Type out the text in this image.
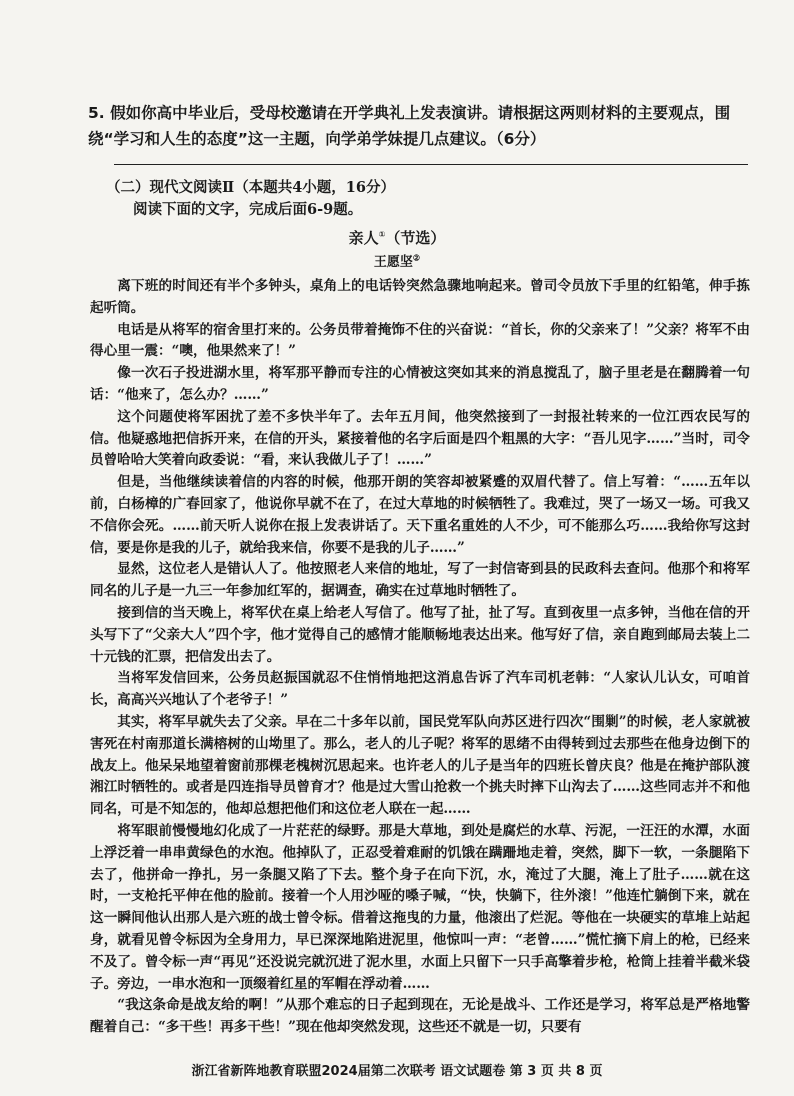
5. 假如你高中毕业后，受母校邀请在开学典礼上发表演讲。请根据这两则材料的主要观点，围绕“学习和人生的态度”这一主题，向学弟学妹提几点建议。（6分）
（二）现代文阅读Ⅱ（本题共4小题，16分）
阅读下面的文字，完成后面6-9题。
亲人①（节选）
王愿坚②

离下班的时间还有半个多钟头，桌角上的电话铃突然急骤地响起来。曾司令员放下手里的红铅笔，伸手拣起听筒。

电话是从将军的宿舍里打来的。公务员带着掩饰不住的兴奋说：“首长，你的父亲来了！”父亲？将军不由得心里一震：“噢，他果然来了！”

像一次石子投进湖水里，将军那平静而专注的心情被这突如其来的消息搅乱了，脑子里老是在翻腾着一句话：“他来了，怎么办？……”

这个问题使将军困扰了差不多快半年了。去年五月间，他突然接到了一封报社转来的一位江西农民写的信。他疑惑地把信拆开来，在信的开头，紧接着他的名字后面是四个粗黑的大字：“吾儿见字……”当时，司令员曾哈哈大笑着向政委说：“看，来认我做儿子了！……”

但是，当他继续读着信的内容的时候，他那开朗的笑容却被紧蹙的双眉代替了。信上写着：“……五年以前，白杨樟的广春回家了，他说你早就不在了，在过大草地的时候牺牲了。我难过，哭了一场又一场。可我又不信你会死。……前天听人说你在报上发表讲话了。天下重名重姓的人不少，可不能那么巧……我给你写这封信，要是你是我的儿子，就给我来信，你要不是我的儿子……”

显然，这位老人是错认人了。他按照老人来信的地址，写了一封信寄到县的民政科去查问。他那个和将军同名的儿子是一九三一年参加红军的，据调查，确实在过草地时牺牲了。

接到信的当天晚上，将军伏在桌上给老人写信了。他写了扯，扯了写。直到夜里一点多钟，当他在信的开头写下了“父亲大人”四个字，他才觉得自己的感情才能顺畅地表达出来。他写好了信，亲自跑到邮局去装上二十元钱的汇票，把信发出去了。

当将军发信回来，公务员赵振国就忍不住悄悄地把这消息告诉了汽车司机老韩：“人家认儿认女，可咱首长，高高兴兴地认了个老爷子！”

其实，将军早就失去了父亲。早在二十多年以前，国民党军队向苏区进行四次“围剿”的时候，老人家就被害死在村南那道长满榕树的山坳里了。那么，老人的儿子呢？将军的思绪不由得转到过去那些在他身边倒下的战友上。他呆呆地望着窗前那棵老槐树沉思起来。也许老人的儿子是当年的四班长曾庆良？他是在掩护部队渡湘江时牺牲的。或者是四连指导员曾育才？他是过大雪山抢救一个挑夫时摔下山沟去了……这些同志并不和他同名，可是不知怎的，他却总想把他们和这位老人联在一起……

将军眼前慢慢地幻化成了一片茫茫的绿野。那是大草地，到处是腐烂的水草、污泥，一汪汪的水潭，水面上浮泛着一串串黄绿色的水泡。他掉队了，正忍受着难耐的饥饿在蹒跚地走着，突然，脚下一软，一条腿陷下去了，他拼命一挣扎，另一条腿又陷了下去。整个身子在向下沉，水，淹过了大腿，淹上了肚子……就在这时，一支枪托平伸在他的脸前。接着一个人用沙哑的嗓子喊，“快，快躺下，往外滚！”他连忙躺倒下来，就在这一瞬间他认出那人是六班的战士曾令标。借着这拖曳的力量，他滚出了烂泥。等他在一块硬实的草堆上站起身，就看见曾令标因为全身用力，早已深深地陷进泥里，他惊叫一声：“老曾……”慌忙摘下肩上的枪，已经来不及了。曾令标一声“再见”还没说完就沉进了泥水里，水面上只留下一只手高擎着步枪，枪筒上挂着半截米袋子。旁边，一串水泡和一顶缀着红星的军帽在浮动着……

“我这条命是战友给的啊！”从那个难忘的日子起到现在，无论是战斗、工作还是学习，将军总是严格地警醒着自己：“多干些！再多干些！”现在他却突然发现，这些还不就是一切，只要有

浙江省新阵地教育联盟2024届第二次联考 语文试题卷 第 3 页 共 8 页
